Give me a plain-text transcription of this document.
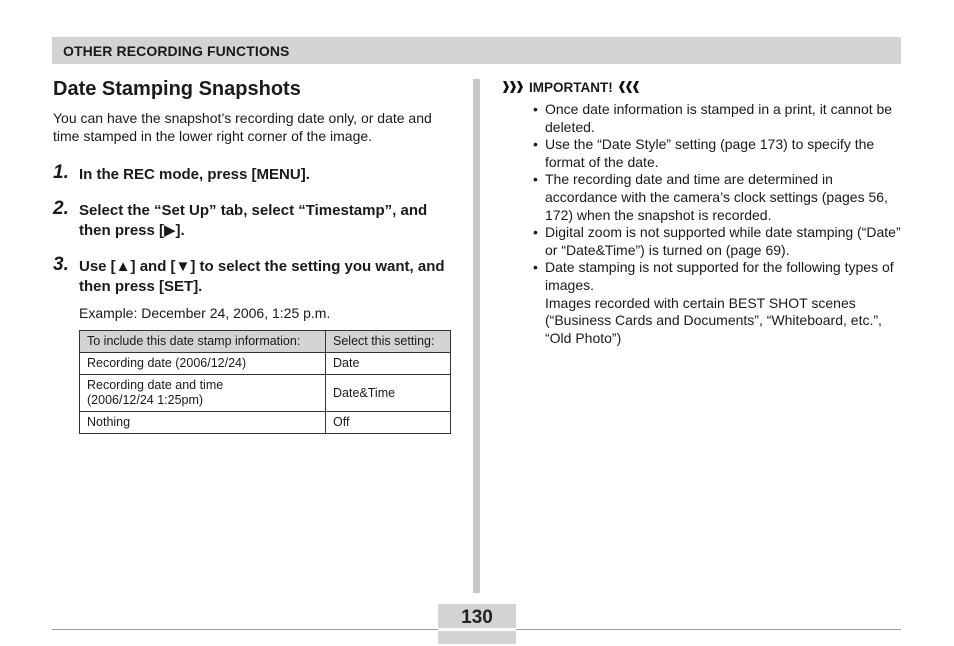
OTHER RECORDING FUNCTIONS
Date Stamping Snapshots

You can have the snapshot’s recording date only, or date and time stamped in the lower right corner of the image.

1. In the REC mode, press [MENU].
2. Select the “Set Up” tab, select “Timestamp”, and then press [▶].
3. Use [▲] and [▼] to select the setting you want, and then press [SET].
Example: December 24, 2006, 1:25 p.m.
To include this date stamp information:	Select this setting:
Recording date (2006/12/24)	Date
Recording date and time
(2006/12/24 1:25pm)	Date&Time
Nothing	Off
IMPORTANT!
• Once date information is stamped in a print, it cannot be deleted.
• Use the “Date Style” setting (page 173) to specify the format of the date.
• The recording date and time are determined in accordance with the camera’s clock settings (pages 56, 172) when the snapshot is recorded.
• Digital zoom is not supported while date stamping (“Date” or “Date&Time”) is turned on (page 69).
• Date stamping is not supported for the following types of images.
Images recorded with certain BEST SHOT scenes (“Business Cards and Documents”, “Whiteboard, etc.”, “Old Photo”)
130
